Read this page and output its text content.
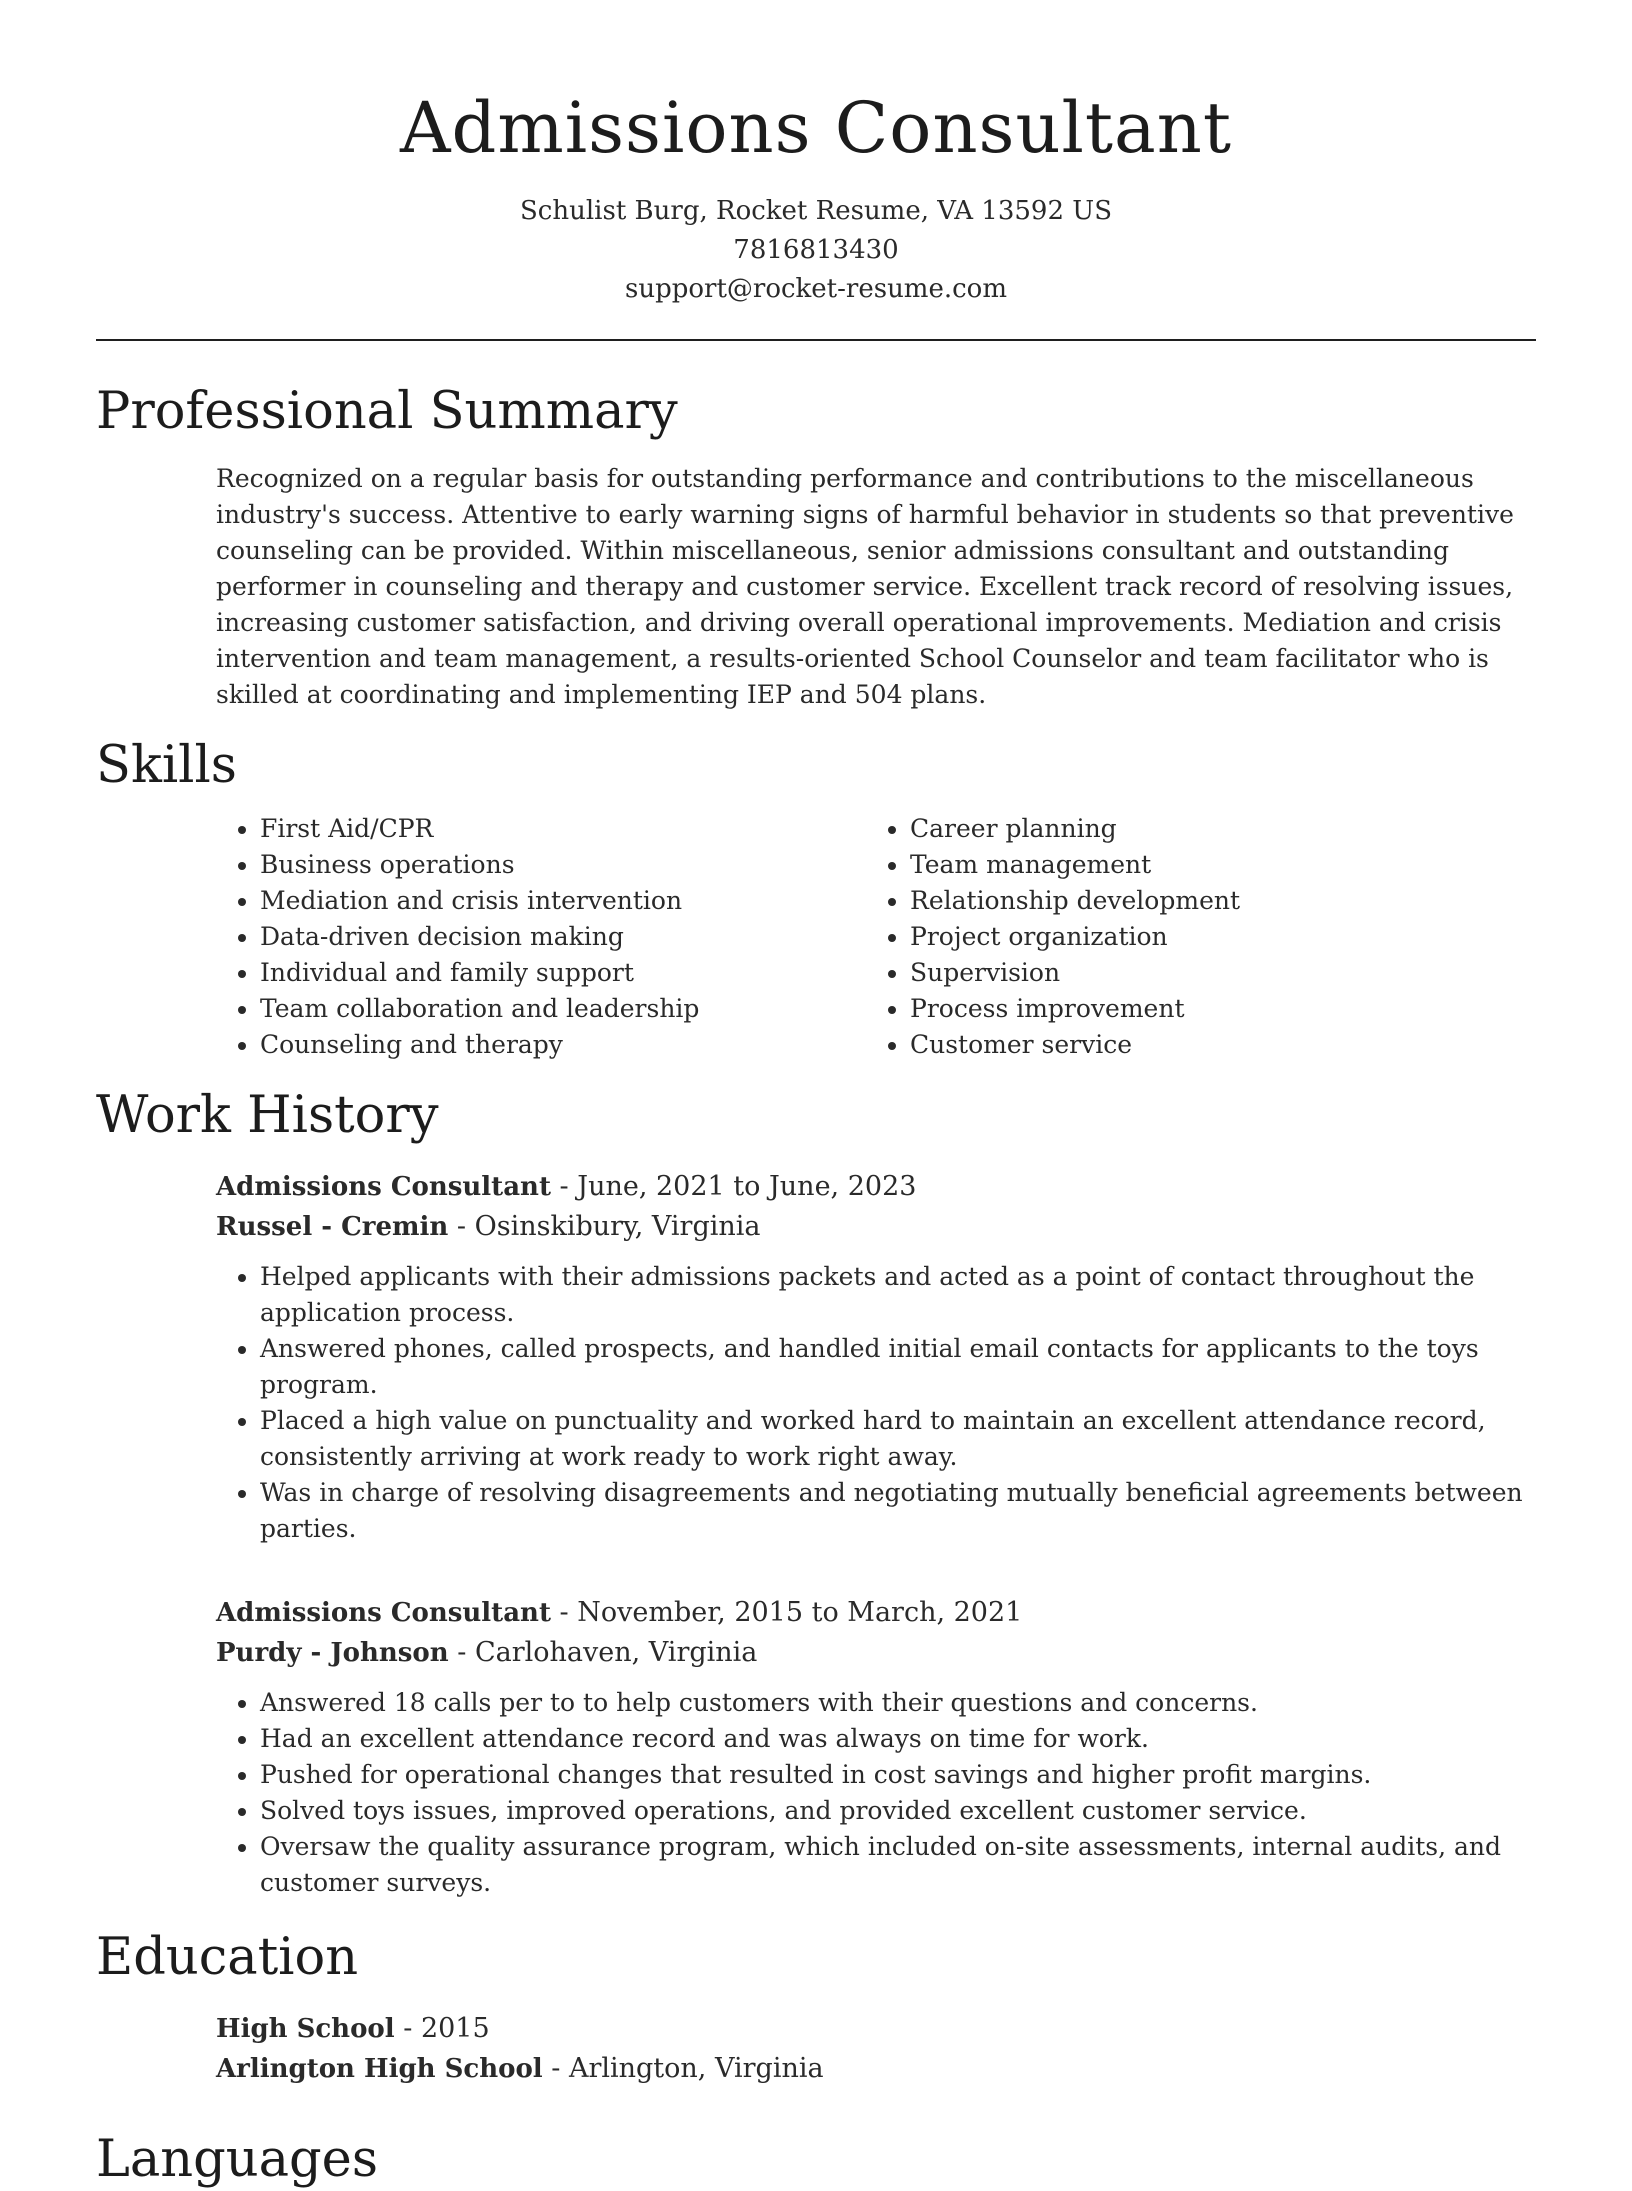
Admissions Consultant
Schulist Burg, Rocket Resume, VA 13592 US
7816813430
support@rocket-resume.com
Professional Summary
Recognized on a regular basis for outstanding performance and contributions to the miscellaneous industry's success. Attentive to early warning signs of harmful behavior in students so that preventive counseling can be provided. Within miscellaneous, senior admissions consultant and outstanding performer in counseling and therapy and customer service. Excellent track record of resolving issues, increasing customer satisfaction, and driving overall operational improvements. Mediation and crisis intervention and team management, a results-oriented School Counselor and team facilitator who is skilled at coordinating and implementing IEP and 504 plans.
Skills
• First Aid/CPR
• Business operations
• Mediation and crisis intervention
• Data-driven decision making
• Individual and family support
• Team collaboration and leadership
• Counseling and therapy
• Career planning
• Team management
• Relationship development
• Project organization
• Supervision
• Process improvement
• Customer service
Work History
Admissions Consultant - June, 2021 to June, 2023
Russel - Cremin - Osinskibury, Virginia
• Helped applicants with their admissions packets and acted as a point of contact throughout the application process.
• Answered phones, called prospects, and handled initial email contacts for applicants to the toys program.
• Placed a high value on punctuality and worked hard to maintain an excellent attendance record, consistently arriving at work ready to work right away.
• Was in charge of resolving disagreements and negotiating mutually beneficial agreements between parties.
Admissions Consultant - November, 2015 to March, 2021
Purdy - Johnson - Carlohaven, Virginia
• Answered 18 calls per to to help customers with their questions and concerns.
• Had an excellent attendance record and was always on time for work.
• Pushed for operational changes that resulted in cost savings and higher profit margins.
• Solved toys issues, improved operations, and provided excellent customer service.
• Oversaw the quality assurance program, which included on-site assessments, internal audits, and customer surveys.
Education
High School - 2015
Arlington High School - Arlington, Virginia
Languages
